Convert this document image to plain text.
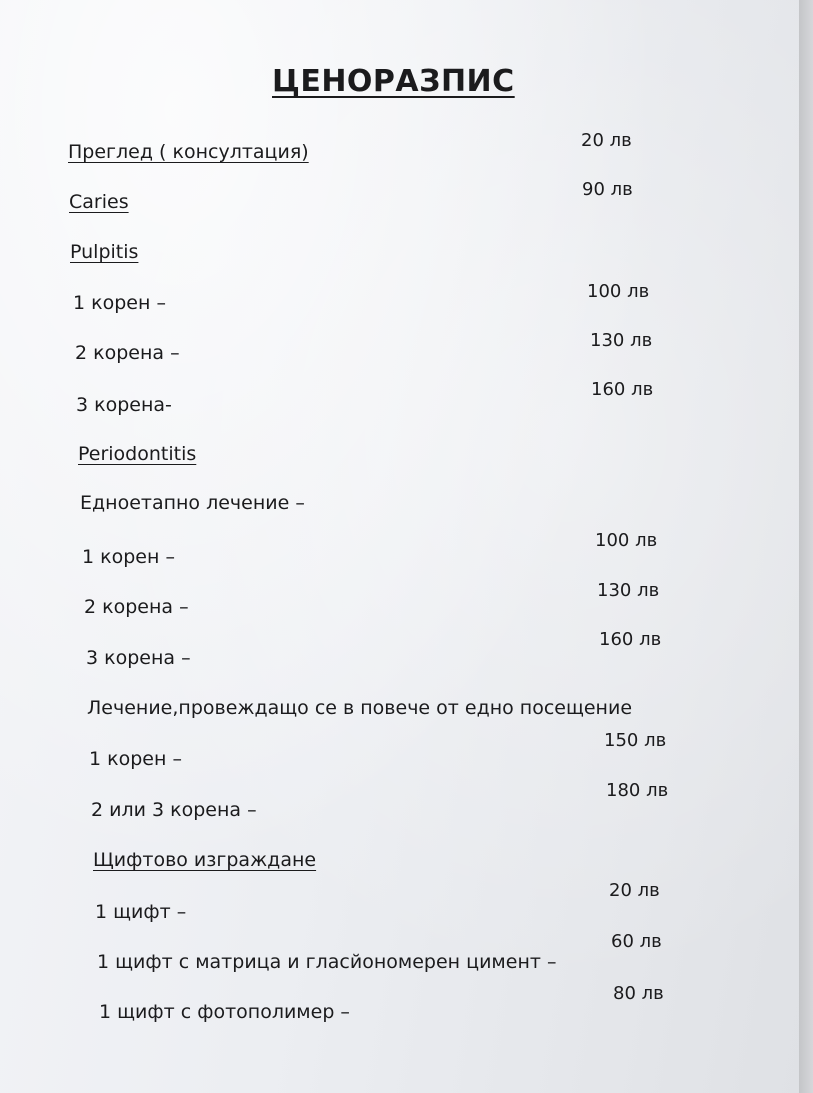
ЦЕНОРАЗПИС
Преглед ( консултация)
20 лв
Caries
90 лв
Pulpitis
1 корен –
100 лв
2 корена –
130 лв
3 корена-
160 лв
Periodontitis
Едноетапно лечение –
1 корен –
100 лв
2 корена –
130 лв
3 корена –
160 лв
Лечение,провеждащо се в повече от едно посещение
1 корен –
150 лв
2 или 3 корена –
180 лв
Щифтово изграждане
1 щифт –
20 лв
1 щифт с матрица и гласйономерен цимент –
60 лв
1 щифт с фотополимер –
80 лв
